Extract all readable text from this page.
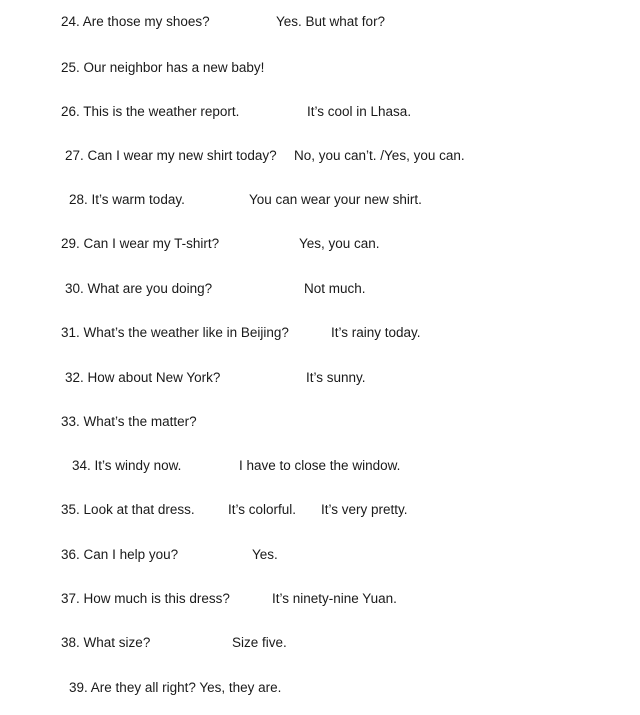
24. Are those my shoes?	Yes. But what for?
25. Our neighbor has a new baby!
26. This is the weather report.	It’s cool in Lhasa.
27. Can I wear my new shirt today? No, you can’t. /Yes, you can.
28. It’s warm today.	You can wear your new shirt.
29. Can I wear my T-shirt?	Yes, you can.
30. What are you doing?	Not much.
31. What’s the weather like in Beijing?	It’s rainy today.
32. How about New York?	It’s sunny.
33. What’s the matter?
34. It’s windy now.	I have to close the window.
35. Look at that dress. It’s colorful. It’s very pretty.
36. Can I help you?	Yes.
37. How much is this dress?	It’s ninety-nine Yuan.
38. What size?	Size five.
39. Are they all right? Yes, they are.
